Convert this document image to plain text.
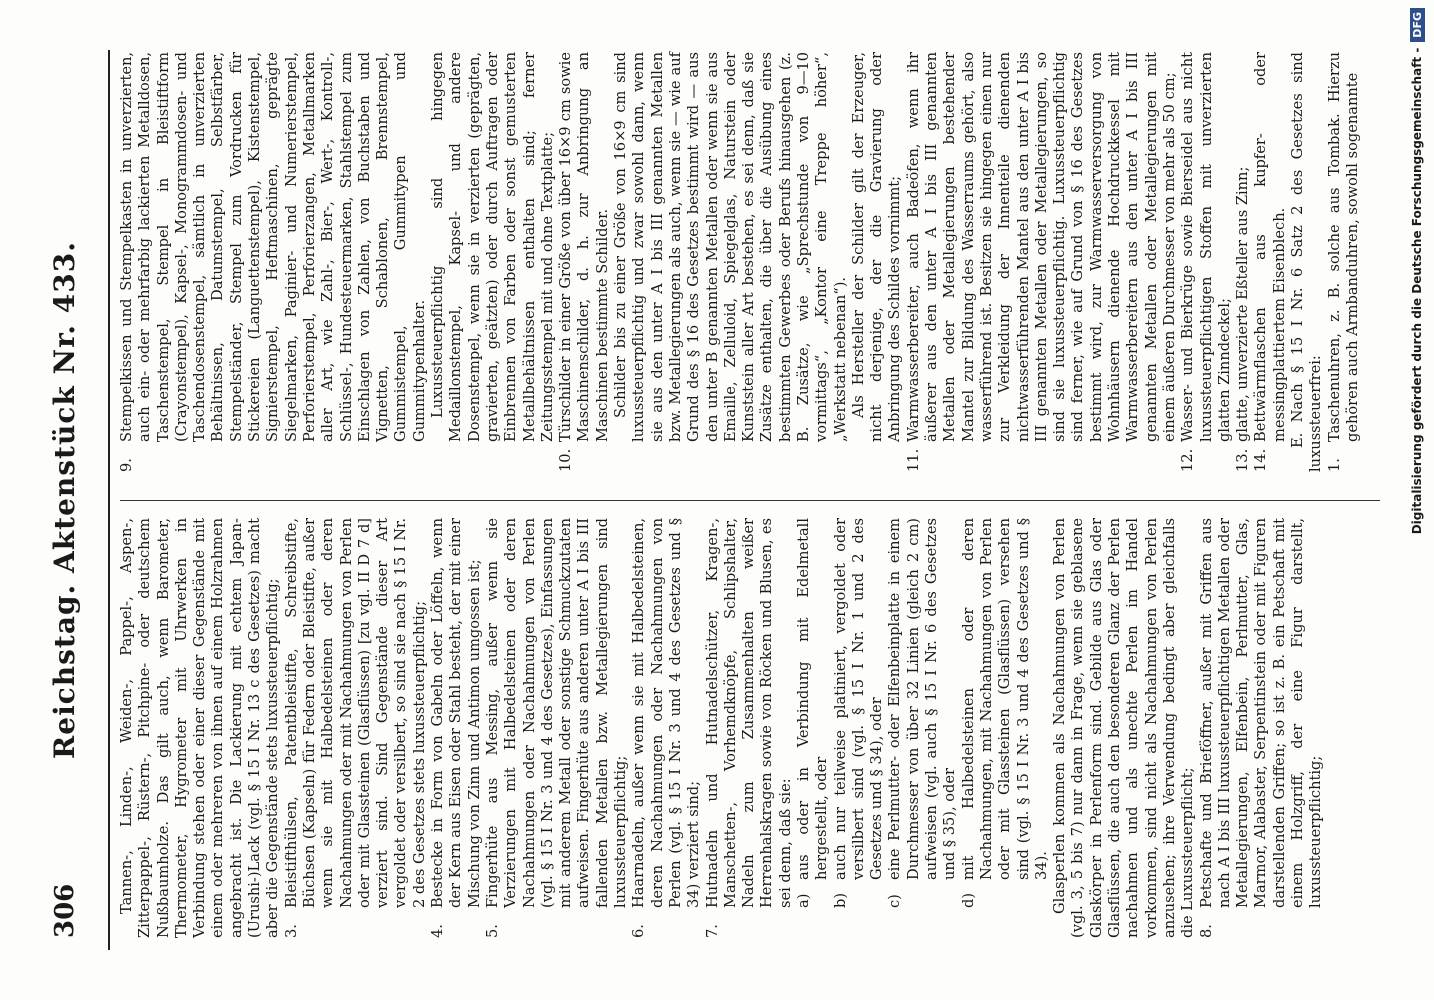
306
Reichstag. Aktenstück Nr. 433.	Tannen-, Linden-, Weiden-, Pappel-, Aspen-, Zitterpappel-, Rüstern-, Pitchpine- oder deutschem Nußbaumholze. Das gilt auch, wenn Barometer, Thermometer, Hygrometer mit Uhrwerken in Verbindung stehen oder einer dieser Gegenstände mit einem oder mehreren von ihnen auf einem Holzrahmen angebracht ist. Die Lackierung mit echtem Japan-(Urushi-)Lack (vgl. § 15 I Nr. 13 c des Gesetzes) macht aber die Gegenstände stets luxussteuerpflichtig; 3.
Bleistifthülsen, Patentbleistifte, Schreibstifte, Büchsen (Kapseln) für Federn oder Bleistifte, außer wenn sie mit Halbedelsteinen oder deren Nachahmungen oder mit Nachahmungen von Perlen oder mit Glassteinen (Glasflüssen) [zu vgl. II D 7 d] verziert sind. Sind Gegenstände dieser Art vergoldet oder versilbert, so sind sie nach § 15 I Nr. 2 des Gesetzes stets luxussteuerpflichtig;
4.
Bestecke in Form von Gabeln oder Löffeln, wenn der Kern aus Eisen oder Stahl besteht, der mit einer Mischung von Zinn und Antimon umgossen ist;
5.
Fingerhüte aus Messing, außer wenn sie Verzierungen mit Halbedelsteinen oder deren Nachahmungen oder Nachahmungen von Perlen (vgl. § 15 I Nr. 3 und 4 des Gesetzes), Einfassungen mit anderem Metall oder sonstige Schmuckzutaten aufweisen. Fingerhüte aus anderen unter A I bis III fallenden Metallen bzw. Metallegierungen sind luxussteuerpflichtig;
6.
Haarnadeln, außer wenn sie mit Halbedelsteinen, deren Nachahmungen oder Nachahmungen von Perlen (vgl. § 15 I Nr. 3 und 4 des Gesetzes und § 34) verziert sind;
7.
Hutnadeln und Hutnadelschützer, Kragen-, Manschetten-, Vorhemdknöpfe, Schlipshalter, Nadeln zum Zusammenhalten weißer Herrenhalskragen sowie von Röcken und Blusen, es sei denn, daß sie: a)
aus oder in Verbindung mit Edelmetall hergestellt, oder
b)
auch nur teilweise platiniert, vergoldet oder versilbert sind (vgl. § 15 I Nr. 1 und 2 des Gesetzes und § 34), oder
c)
eine Perlmutter- oder Elfenbeinplatte in einem Durchmesser von über 32 Linien (gleich 2 cm) aufweisen (vgl. auch § 15 I Nr. 6 des Gesetzes und § 35), oder
d)
mit Halbedelsteinen oder deren Nachahmungen, mit Nachahmungen von Perlen oder mit Glassteinen (Glasflüssen) versehen sind (vgl. § 15 I Nr. 3 und 4 des Gesetzes und § 34). Glasperlen kommen als Nachahmungen von Perlen (vgl. 3, 5 bis 7) nur dann in Frage, wenn sie geblasene Glaskörper in Perlenform sind. Gebilde aus Glas oder Glasflüssen, die auch den besonderen Glanz der Perlen nachahmen und als unechte Perlen im Handel vorkommen, sind nicht als Nachahmungen von Perlen anzusehen; ihre Verwendung bedingt aber gleichfalls die Luxussteuerpflicht; 8.
Petschafte und Brieföffner, außer mit Griffen aus nach A I bis III luxussteuerpflichtigen Metallen oder Metallegierungen, Elfenbein, Perlmutter, Glas, Marmor, Alabaster, Serpentinstein oder mit Figuren darstellenden Griffen; so ist z. B. ein Petschaft mit einem Holzgriff, der eine Figur darstellt, luxussteuerpflichtig;
9.
Stempelkissen und Stempelkasten in unverzierten, auch ein- oder mehrfarbig lackierten Metalldosen, Taschenstempel, Stempel in Bleistiftform (Crayonstempel), Kapsel-, Monogrammdosen- und Taschendosenstempel, sämtlich in unverzierten Behältnissen, Datumstempel, Selbstfärber, Stempelständer, Stempel zum Vordrucken für Stickereien (Languettenstempel), Kistenstempel, Signierstempel, Heftmaschinen, geprägte Siegelmarken, Paginier- und Numerierstempel, Perforierstempel, Perforierzangen, Metallmarken aller Art, wie Zahl-, Bier-, Wert-, Kontroll-, Schlüssel-, Hundesteuermarken, Stahlstempel zum Einschlagen von Zahlen, von Buchstaben und Vignetten, Schablonen, Brennstempel, Gummistempel, Gummitypen und Gummitypenhalter. Luxussteuerpflichtig sind hingegen Medaillonstempel, Kapsel- und andere Dosenstempel, wenn sie in verzierten (geprägten, gravierten, geätzten) oder durch Auftragen oder Einbrennen von Farben oder sonst gemusterten Metallbehältnissen enthalten sind; ferner Zeitungsstempel mit und ohne Textplatte;
10.
Türschilder in einer Größe von über 16×9 cm sowie Maschinenschilder, d. h. zur Anbringung an Maschinen bestimmte Schilder. Schilder bis zu einer Größe von 16×9 cm sind luxussteuerpflichtig und zwar sowohl dann, wenn sie aus den unter A I bis III genannten Metallen bzw. Metallegierungen als auch, wenn sie — wie auf Grund des § 16 des Gesetzes bestimmt wird — aus den unter B genannten Metallen oder wenn sie aus Emaille, Zelluloid, Spiegelglas, Naturstein oder Kunststein aller Art bestehen, es sei denn, daß sie Zusätze enthalten, die über die Ausübung eines bestimmten Gewerbes oder Berufs hinausgehen (z. B. Zusätze, wie „Sprechstunde von 9—10 vormittags“, „Kontor eine Treppe höher“, „Werkstatt nebenan“). Als Hersteller der Schilder gilt der Erzeuger, nicht derjenige, der die Gravierung oder Anbringung des Schildes vornimmt;
11.
Warmwasserbereiter, auch Badeöfen, wenn ihr äußerer aus den unter A I bis III genannten Metallen oder Metallegierungen bestehender Mantel zur Bildung des Wasserraums gehört, also wasserführend ist. Besitzen sie hingegen einen nur zur Verkleidung der Innenteile dienenden nichtwasserführenden Mantel aus den unter A I bis III genannten Metallen oder Metallegierungen, so sind sie luxussteuerpflichtig. Luxussteuerpflichtig sind ferner, wie auf Grund von § 16 des Gesetzes bestimmt wird, zur Warmwasserversorgung von Wohnhäusern dienende Hochdruckkessel mit Warmwasserbereitern aus den unter A I bis III genannten Metallen oder Metallegierungen mit einem äußeren Durchmesser von mehr als 50 cm;
12.
Wasser- und Bierkrüge sowie Bierseidel aus nicht luxussteuerpflichtigen Stoffen mit unverzierten glatten Zinndeckel;
13.
glatte, unverzierte Eßteller aus Zinn;
14.
Bettwärmflaschen aus kupfer- oder messingplattiertem Eisenblech. E. Nach § 15 I Nr. 6 Satz 2 des Gesetzes sind luxussteuerfrei: 1.
Taschenuhren, z. B. solche aus Tombak. Hierzu gehören auch Armbanduhren, sowohl sogenannte	Digitalisierung gefördert durch die Deutsche Forschungsgemeinschaft -
DFG
